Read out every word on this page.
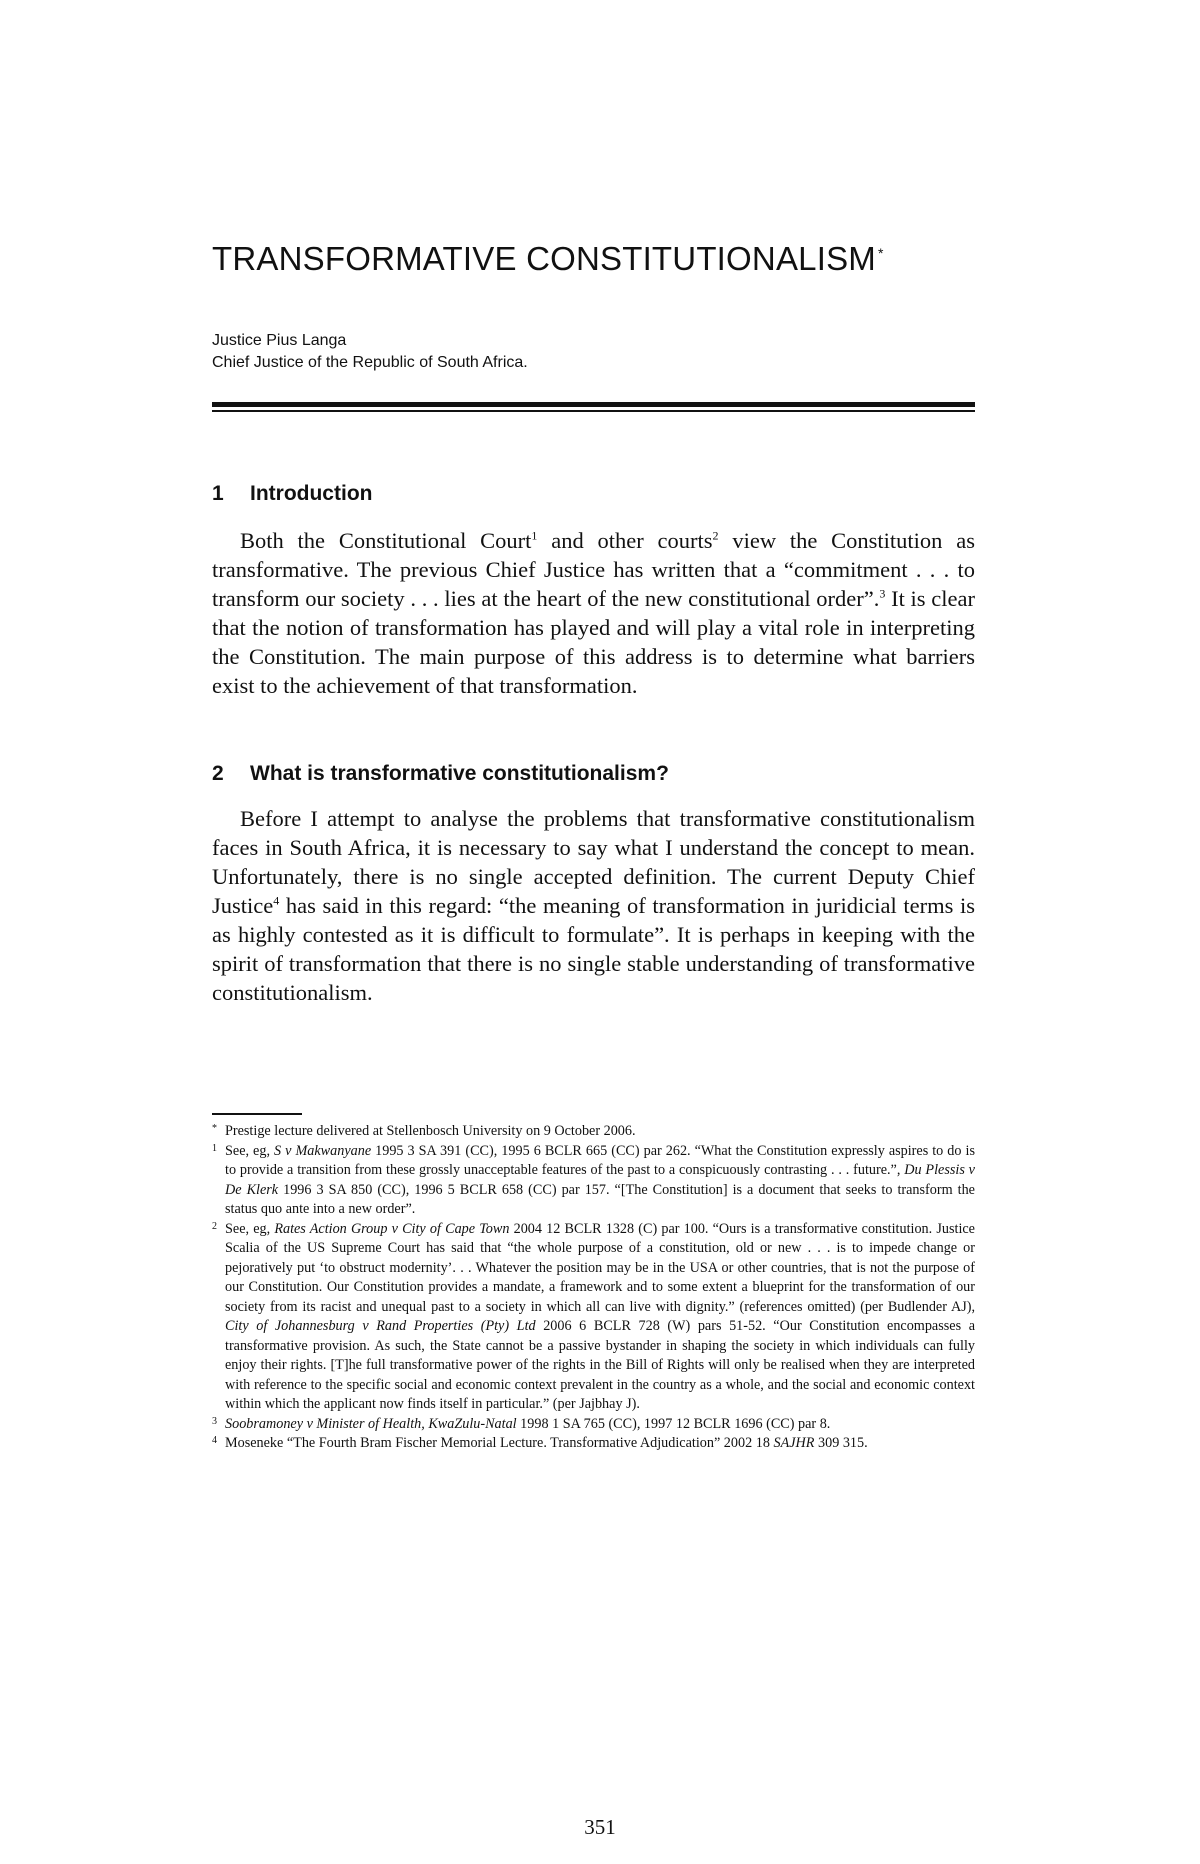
TRANSFORMATIVE CONSTITUTIONALISM *
Justice Pius Langa
Chief Justice of the Republic of South Africa.
1 Introduction

Both the Constitutional Court$^1$ and other courts$^2$ view the Constitution as transformative. The previous Chief Justice has written that a “commitment . . . to transform our society . . . lies at the heart of the new constitutional order”.$^3$ It is clear that the notion of transformation has played and will play a vital role in interpreting the Constitution. The main purpose of this address is to determine what barriers exist to the achievement of that transformation.

2 What is transformative constitutionalism?

Before I attempt to analyse the problems that transformative constitutionalism faces in South Africa, it is necessary to say what I understand the concept to mean. Unfortunately, there is no single accepted definition. The current Deputy Chief Justice$^4$ has said in this regard: “the meaning of transformation in juridicial terms is as highly contested as it is difficult to formulate”. It is perhaps in keeping with the spirit of transformation that there is no single stable understanding of transformative constitutionalism.

* Prestige lecture delivered at Stellenbosch University on 9 October 2006.

1 See, eg, S v Makwanyane 1995 3 SA 391 (CC), 1995 6 BCLR 665 (CC) par 262. “What the Constitution expressly aspires to do is to provide a transition from these grossly unacceptable features of the past to a conspicuously contrasting . . . future.”, Du Plessis v De Klerk 1996 3 SA 850 (CC), 1996 5 BCLR 658 (CC) par 157. “[The Constitution] is a document that seeks to transform the status quo ante into a new order”.

2 See, eg, Rates Action Group v City of Cape Town 2004 12 BCLR 1328 (C) par 100. “Ours is a transformative constitution. Justice Scalia of the US Supreme Court has said that “the whole purpose of a constitution, old or new . . . is to impede change or pejoratively put ‘to obstruct modernity’. . . Whatever the position may be in the USA or other countries, that is not the purpose of our Constitution. Our Constitution provides a mandate, a framework and to some extent a blueprint for the transformation of our society from its racist and unequal past to a society in which all can live with dignity.” (references omitted) (per Budlender AJ), City of Johannesburg v Rand Properties (Pty) Ltd 2006 6 BCLR 728 (W) pars 51-52. “Our Constitution encompasses a transformative provision. As such, the State cannot be a passive bystander in shaping the society in which individuals can fully enjoy their rights. [T]he full transformative power of the rights in the Bill of Rights will only be realised when they are interpreted with reference to the specific social and economic context prevalent in the country as a whole, and the social and economic context within which the applicant now finds itself in particular.” (per Jajbhay J).

3 Soobramoney v Minister of Health, KwaZulu-Natal 1998 1 SA 765 (CC), 1997 12 BCLR 1696 (CC) par 8.

4 Moseneke “The Fourth Bram Fischer Memorial Lecture. Transformative Adjudication” 2002 18 SAJHR 309 315.

351
